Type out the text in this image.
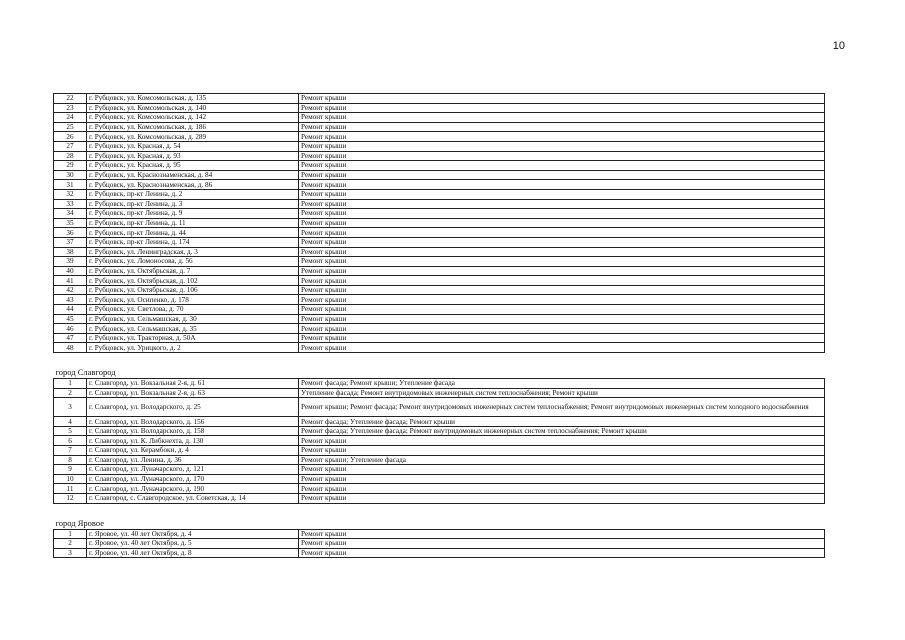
10
22	г. Рубцовск, ул. Комсомольская, д. 135	Ремонт крыши
23	г. Рубцовск, ул. Комсомольская, д. 140	Ремонт крыши
24	г. Рубцовск, ул. Комсомольская, д. 142	Ремонт крыши
25	г. Рубцовск, ул. Комсомольская, д. 186	Ремонт крыши
26	г. Рубцовск, ул. Комсомольская, д. 289	Ремонт крыши
27	г. Рубцовск, ул. Красная, д. 54	Ремонт крыши
28	г. Рубцовск, ул. Красная, д. 93	Ремонт крыши
29	г. Рубцовск, ул. Красная, д. 95	Ремонт крыши
30	г. Рубцовск, ул. Краснознаменская, д. 84	Ремонт крыши
31	г. Рубцовск, ул. Краснознаменская, д. 86	Ремонт крыши
32	г. Рубцовск, пр-кт Ленина, д. 2	Ремонт крыши
33	г. Рубцовск, пр-кт Ленина, д. 3	Ремонт крыши
34	г. Рубцовск, пр-кт Ленина, д. 9	Ремонт крыши
35	г. Рубцовск, пр-кт Ленина, д. 11	Ремонт крыши
36	г. Рубцовск, пр-кт Ленина, д. 44	Ремонт крыши
37	г. Рубцовск, пр-кт Ленина, д. 174	Ремонт крыши
38	г. Рубцовск, ул. Ленинградская, д. 3	Ремонт крыши
39	г. Рубцовск, ул. Ломоносова, д. 56	Ремонт крыши
40	г. Рубцовск, ул. Октябрьская, д. 7	Ремонт крыши
41	г. Рубцовск, ул. Октябрьская, д. 102	Ремонт крыши
42	г. Рубцовск, ул. Октябрьская, д. 106	Ремонт крыши
43	г. Рубцовск, ул. Осипенко, д. 178	Ремонт крыши
44	г. Рубцовск, ул. Светлова, д. 70	Ремонт крыши
45	г. Рубцовск, ул. Сельмашская, д. 30	Ремонт крыши
46	г. Рубцовск, ул. Сельмашская, д. 35	Ремонт крыши
47	г. Рубцовск, ул. Тракторная, д. 50А	Ремонт крыши
48	г. Рубцовск, ул. Урицкого, д. 2	Ремонт крыши
город Славгород		
1	г. Славгород, ул. Вокзальная 2-я, д. 61	Ремонт фасада; Ремонт крыши; Утепление фасада
2	г. Славгород, ул. Вокзальная 2-я, д. 63	Утепление фасада; Ремонт внутридомовых инженерных систем теплоснабжения; Ремонт крыши
3	г. Славгород, ул. Володарского, д. 25	Ремонт крыши; Ремонт фасада; Ремонт внутридомовых инженерных систем теплоснабжения; Ремонт внутридомовых инженерных систем холодного водоснабжения
4	г. Славгород, ул. Володарского, д. 156	Ремонт фасада; Утепление фасада; Ремонт крыши
5	г. Славгород, ул. Володарского, д. 158	Ремонт фасада; Утепление фасада; Ремонт внутридомовых инженерных систем теплоснабжения; Ремонт крыши
6	г. Славгород, ул. К. Либкнехта, д. 130	Ремонт крыши
7	г. Славгород, ул. Керамбоки, д. 4	Ремонт крыши
8	г. Славгород, ул. Ленина, д. 36	Ремонт крыши; Утепление фасада
9	г. Славгород, ул. Луначарского, д. 121	Ремонт крыши
10	г. Славгород, ул. Луначарского, д. 170	Ремонт крыши
11	г. Славгород, ул. Луначарского, д. 190	Ремонт крыши
12	г. Славгород, с. Славгородское, ул. Советская, д. 14	Ремонт крыши
город Яровое		
1	г. Яровое, ул. 40 лет Октября, д. 4	Ремонт крыши
2	г. Яровое, ул. 40 лет Октября, д. 5	Ремонт крыши
3	г. Яровое, ул. 40 лет Октября, д. 8	Ремонт крыши
